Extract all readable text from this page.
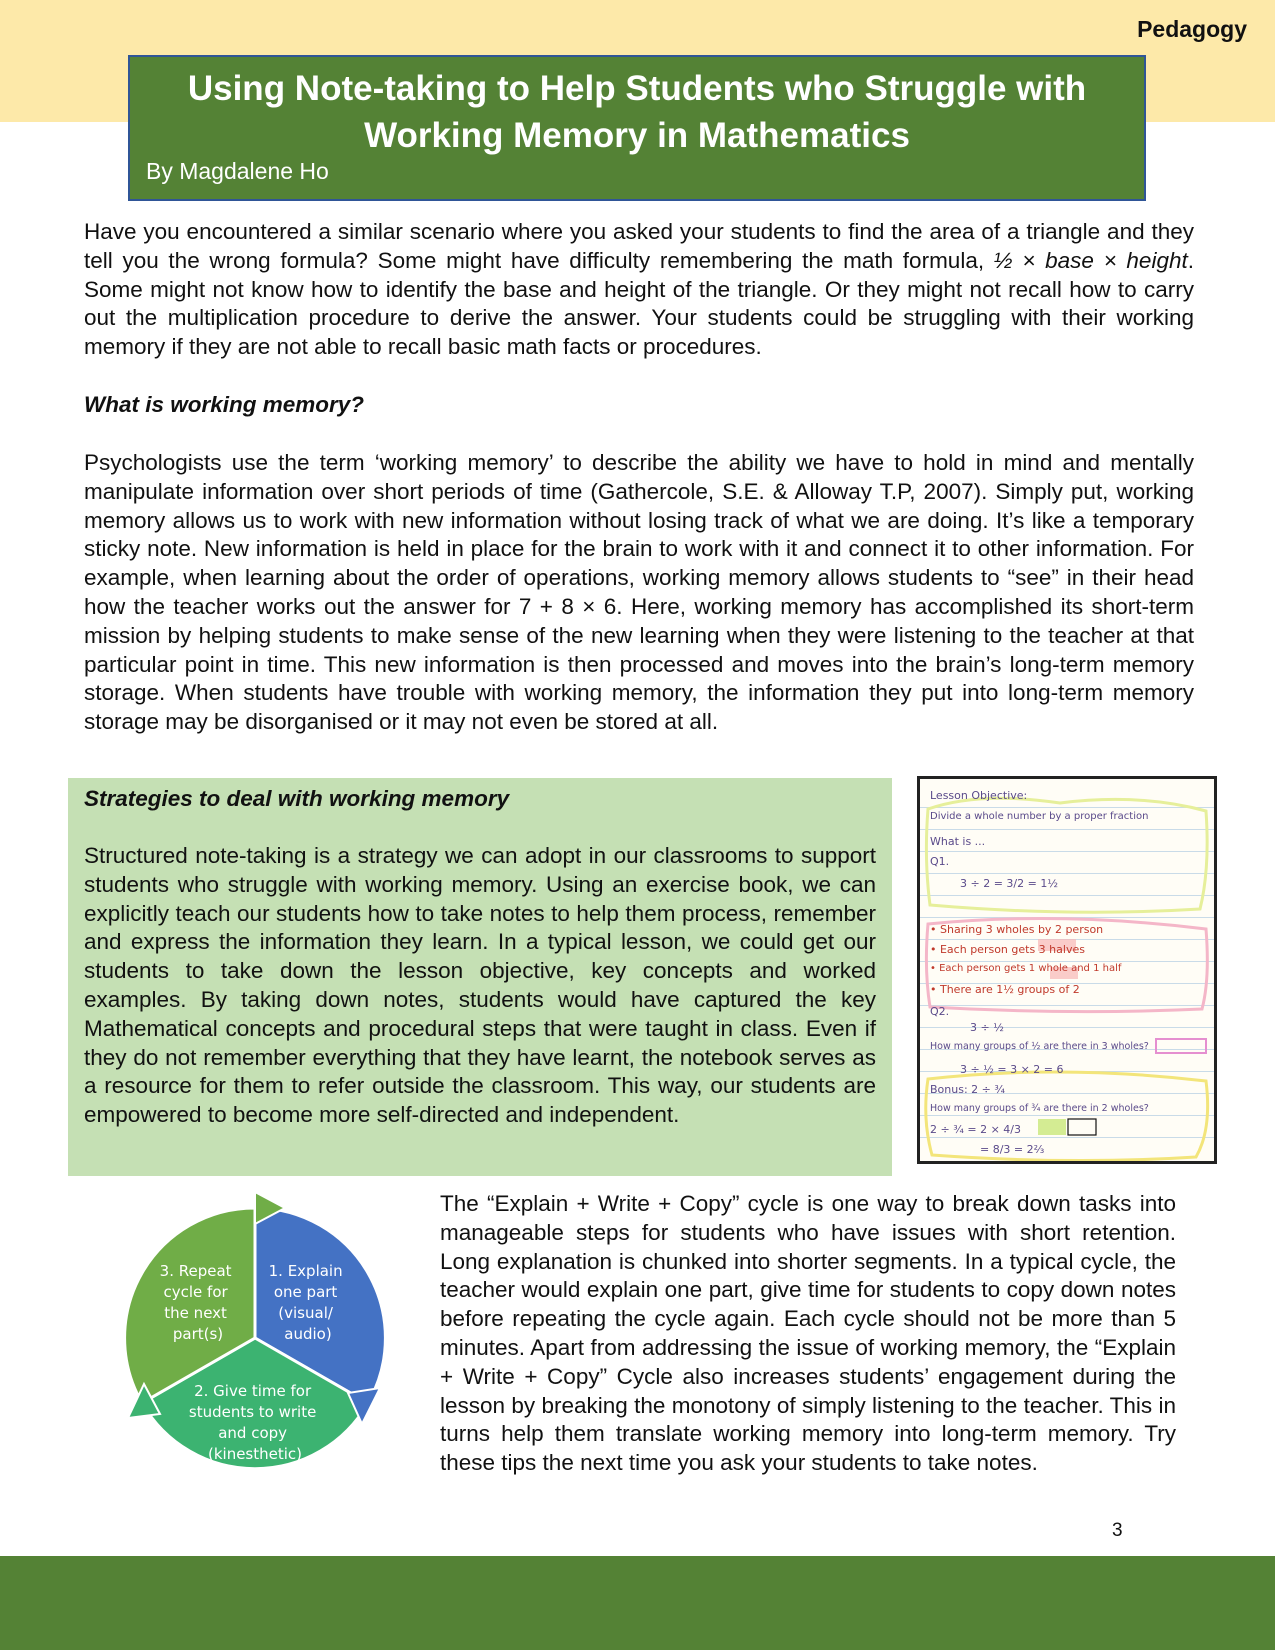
Pedagogy
Using Note-taking to Help Students who Struggle with
Working Memory in Mathematics
By Magdalene Ho

Have you encountered a similar scenario where you asked your students to find the area of a triangle and they tell you the wrong formula? Some might have difficulty remembering the math formula, ½ × base × height. Some might not know how to identify the base and height of the triangle. Or they might not recall how to carry out the multiplication procedure to derive the answer. Your students could be struggling with their working memory if they are not able to recall basic math facts or procedures.

What is working memory?

Psychologists use the term ‘working memory’ to describe the ability we have to hold in mind and mentally manipulate information over short periods of time (Gathercole, S.E. & Alloway T.P, 2007). Simply put, working memory allows us to work with new information without losing track of what we are doing. It’s like a temporary sticky note. New information is held in place for the brain to work with it and connect it to other information. For example, when learning about the order of operations, working memory allows students to “see” in their head how the teacher works out the answer for 7 + 8 × 6. Here, working memory has accomplished its short-term mission by helping students to make sense of the new learning when they were listening to the teacher at that particular point in time. This new information is then processed and moves into the brain’s long-term memory storage. When students have trouble with working memory, the information they put into long-term memory storage may be disorganised or it may not even be stored at all.

Strategies to deal with working memory

Structured note-taking is a strategy we can adopt in our classrooms to support students who struggle with working memory. Using an exercise book, we can explicitly teach our students how to take notes to help them process, remember and express the information they learn. In a typical lesson, we could get our students to take down the lesson objective, key concepts and worked examples. By taking down notes, students would have captured the key Mathematical concepts and procedural steps that were taught in class. Even if they do not remember everything that they have learnt, the notebook serves as a resource for them to refer outside the classroom. This way, our students are empowered to become more self-directed and independent.

Lesson Objective:
Divide a whole number by a proper fraction
What is ...
Q1.
3 ÷ 2 = 3/2 = 1½
• Sharing 3 wholes by 2 person
• Each person gets 3 halves
• Each person gets 1 whole and 1 half
• There are 1½ groups of 2
Q2.
3 ÷ ½
How many groups of ½ are there in 3 wholes?
3 ÷ ½ = 3 × 2 = 6
Bonus: 2 ÷ ¾
How many groups of ¾ are there in 2 wholes?
2 ÷ ¾ = 2 × 4/3
= 8/3 = 2⅔
1. Explain one part (visual/ audio)
2. Give time for students to write and copy (kinesthetic)
3. Repeat cycle for the next part(s)

The “Explain + Write + Copy” cycle is one way to break down tasks into manageable steps for students who have issues with short retention. Long explanation is chunked into shorter segments. In a typical cycle, the teacher would explain one part, give time for students to copy down notes before repeating the cycle again. Each cycle should not be more than 5 minutes. Apart from addressing the issue of working memory, the “Explain + Write + Copy” Cycle also increases students’ engagement during the lesson by breaking the monotony of simply listening to the teacher. This in turns help them translate working memory into long-term memory. Try these tips the next time you ask your students to take notes.

3
